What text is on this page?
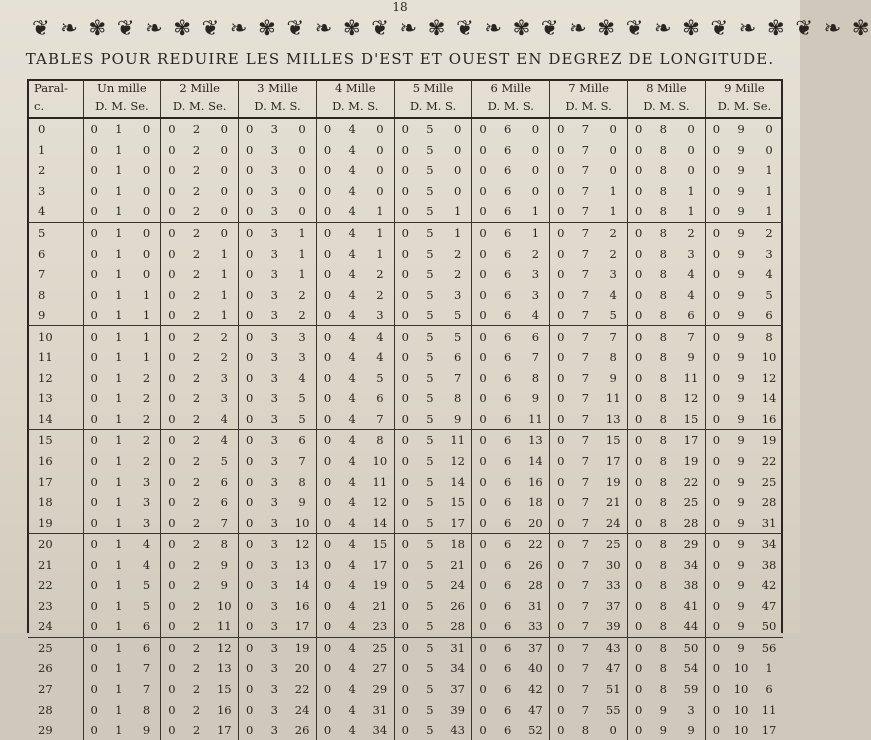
18
❦ ❧ ✾ ❦ ❧ ✾ ❦ ❧ ✾ ❦ ❧ ✾ ❦ ❧ ✾ ❦ ❧ ✾ ❦ ❧ ✾ ❦ ❧ ✾ ❦ ❧ ✾ ❦ ❧ ✾
TABLES POUR REDUIRE LES MILLES D'EST ET OUEST EN DEGREZ DE LONGITUDE.
Paral-	Un mille			2 Mille			3 Mille			4 Mille			5 Mille			6 Mille			7 Mille			8 Mille			9 Mille		
c.	D. M. Se.			D. M. Se.			D. M. S.			D. M. S.			D. M. S.			D. M. S.			D. M. S.			D. M. S.			D. M. Se.		
0	0	1	0	0	2	0	0	3	0	0	4	0	0	5	0	0	6	0	0	7	0	0	8	0	0	9	0
1	0	1	0	0	2	0	0	3	0	0	4	0	0	5	0	0	6	0	0	7	0	0	8	0	0	9	0
2	0	1	0	0	2	0	0	3	0	0	4	0	0	5	0	0	6	0	0	7	0	0	8	0	0	9	1
3	0	1	0	0	2	0	0	3	0	0	4	0	0	5	0	0	6	0	0	7	1	0	8	1	0	9	1
4	0	1	0	0	2	0	0	3	0	0	4	1	0	5	1	0	6	1	0	7	1	0	8	1	0	9	1
5	0	1	0	0	2	0	0	3	1	0	4	1	0	5	1	0	6	1	0	7	2	0	8	2	0	9	2
6	0	1	0	0	2	1	0	3	1	0	4	1	0	5	2	0	6	2	0	7	2	0	8	3	0	9	3
7	0	1	0	0	2	1	0	3	1	0	4	2	0	5	2	0	6	3	0	7	3	0	8	4	0	9	4
8	0	1	1	0	2	1	0	3	2	0	4	2	0	5	3	0	6	3	0	7	4	0	8	4	0	9	5
9	0	1	1	0	2	1	0	3	2	0	4	3	0	5	5	0	6	4	0	7	5	0	8	6	0	9	6
10	0	1	1	0	2	2	0	3	3	0	4	4	0	5	5	0	6	6	0	7	7	0	8	7	0	9	8
11	0	1	1	0	2	2	0	3	3	0	4	4	0	5	6	0	6	7	0	7	8	0	8	9	0	9	10
12	0	1	2	0	2	3	0	3	4	0	4	5	0	5	7	0	6	8	0	7	9	0	8	11	0	9	12
13	0	1	2	0	2	3	0	3	5	0	4	6	0	5	8	0	6	9	0	7	11	0	8	12	0	9	14
14	0	1	2	0	2	4	0	3	5	0	4	7	0	5	9	0	6	11	0	7	13	0	8	15	0	9	16
15	0	1	2	0	2	4	0	3	6	0	4	8	0	5	11	0	6	13	0	7	15	0	8	17	0	9	19
16	0	1	2	0	2	5	0	3	7	0	4	10	0	5	12	0	6	14	0	7	17	0	8	19	0	9	22
17	0	1	3	0	2	6	0	3	8	0	4	11	0	5	14	0	6	16	0	7	19	0	8	22	0	9	25
18	0	1	3	0	2	6	0	3	9	0	4	12	0	5	15	0	6	18	0	7	21	0	8	25	0	9	28
19	0	1	3	0	2	7	0	3	10	0	4	14	0	5	17	0	6	20	0	7	24	0	8	28	0	9	31
20	0	1	4	0	2	8	0	3	12	0	4	15	0	5	18	0	6	22	0	7	25	0	8	29	0	9	34
21	0	1	4	0	2	9	0	3	13	0	4	17	0	5	21	0	6	26	0	7	30	0	8	34	0	9	38
22	0	1	5	0	2	9	0	3	14	0	4	19	0	5	24	0	6	28	0	7	33	0	8	38	0	9	42
23	0	1	5	0	2	10	0	3	16	0	4	21	0	5	26	0	6	31	0	7	37	0	8	41	0	9	47
24	0	1	6	0	2	11	0	3	17	0	4	23	0	5	28	0	6	33	0	7	39	0	8	44	0	9	50
25	0	1	6	0	2	12	0	3	19	0	4	25	0	5	31	0	6	37	0	7	43	0	8	50	0	9	56
26	0	1	7	0	2	13	0	3	20	0	4	27	0	5	34	0	6	40	0	7	47	0	8	54	0	10	1
27	0	1	7	0	2	15	0	3	22	0	4	29	0	5	37	0	6	42	0	7	51	0	8	59	0	10	6
28	0	1	8	0	2	16	0	3	24	0	4	31	0	5	39	0	6	47	0	7	55	0	9	3	0	10	11
29	0	1	9	0	2	17	0	3	26	0	4	34	0	5	43	0	6	52	0	8	0	0	9	9	0	10	17
